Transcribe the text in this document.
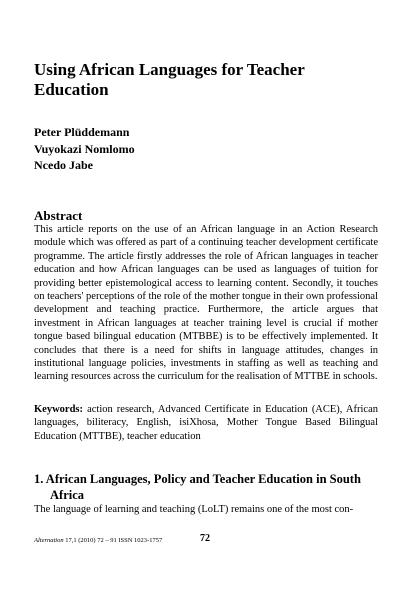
Using African Languages for Teacher Education
Peter Plüddemann
Vuyokazi Nomlomo
Ncedo Jabe
Abstract

This article reports on the use of an African language in an Action Research module which was offered as part of a continuing teacher development certificate programme. The article firstly addresses the role of African languages in teacher education and how African languages can be used as languages of tuition for providing better epistemological access to learning content. Secondly, it touches on teachers' perceptions of the role of the mother tongue in their own professional development and teaching practice. Furthermore, the article argues that investment in African languages at teacher training level is crucial if mother tongue based bilingual education (MTBBE) is to be effectively implemented. It concludes that there is a need for shifts in language attitudes, changes in institutional language policies, investments in staffing as well as teaching and learning resources across the curriculum for the realisation of MTTBE in schools.

Keywords: action research, Advanced Certificate in Education (ACE), African languages, biliteracy, English, isiXhosa, Mother Tongue Based Bilingual Education (MTTBE), teacher education

1. African Languages, Policy and Teacher Education in South Africa

The language of learning and teaching (LoLT) remains one of the most con-

Alternation 17,1 (2010) 72 – 91 ISSN 1023-1757	72
